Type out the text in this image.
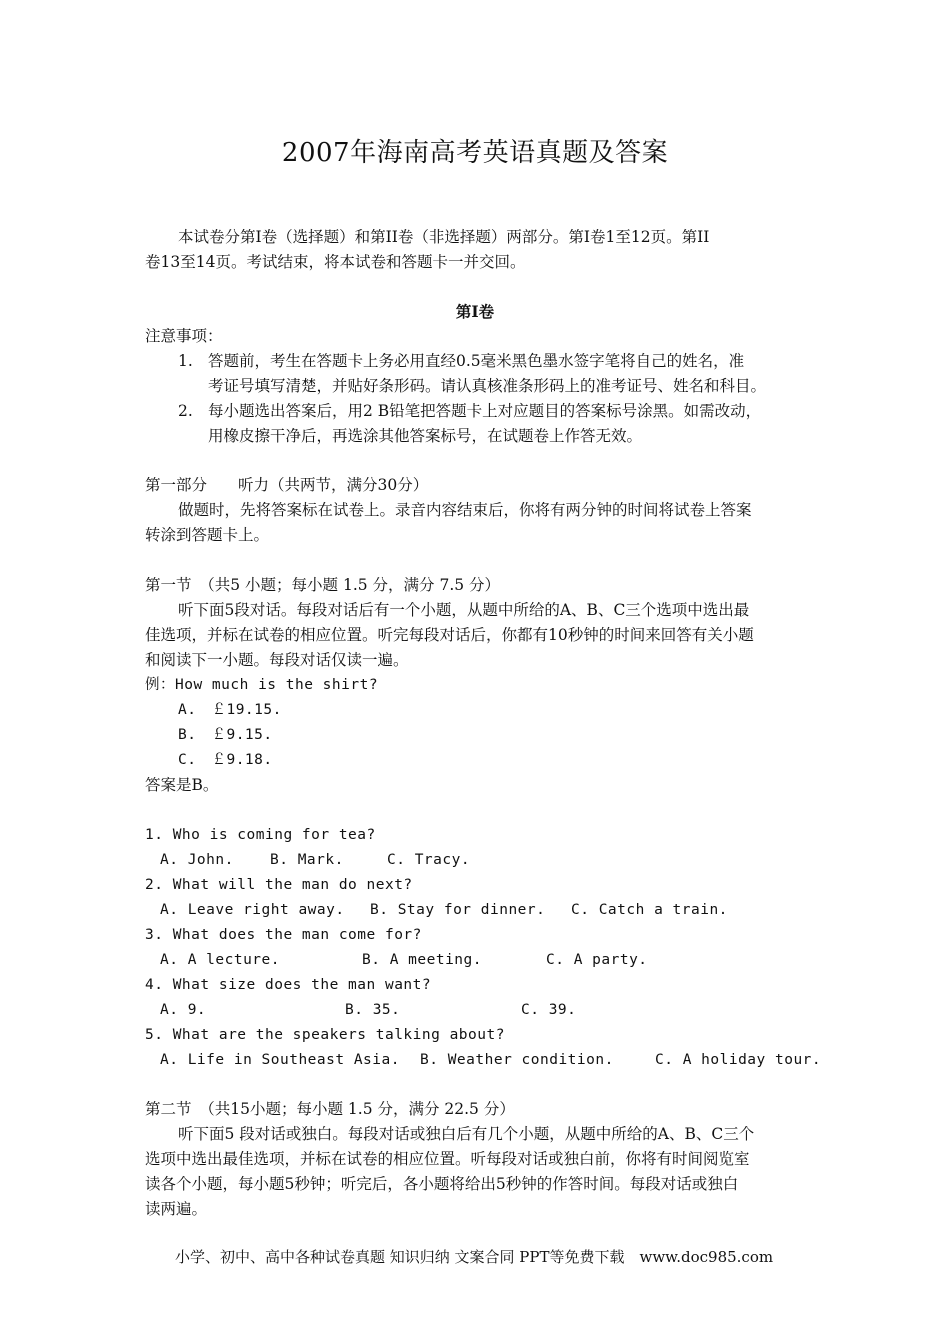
2007年海南高考英语真题及答案
本试卷分第Ⅰ卷（选择题）和第II卷（非选择题）两部分。第Ⅰ卷1至12页。第II
卷13至14页。考试结束，将本试卷和答题卡一并交回。
第Ⅰ卷
注意事项：
1. 答题前，考生在答题卡上务必用直经0.5毫米黑色墨水签字笔将自己的姓名，准
考证号填写清楚，并贴好条形码。请认真核准条形码上的准考证号、姓名和科目。
2. 每小题选出答案后，用2 B铅笔把答题卡上对应题目的答案标号涂黑。如需改动，
用橡皮擦干净后，再选涂其他答案标号，在试题卷上作答无效。
第一部分　　听力（共两节，满分30分）
做题时，先将答案标在试卷上。录音内容结束后，你将有两分钟的时间将试卷上答案
转涂到答题卡上。
第一节　（共5 小题；每小题 1.5 分，满分 7.5 分）
听下面5段对话。每段对话后有一个小题，从题中所给的A、B、C三个选项中选出最
佳选项，并标在试卷的相应位置。听完每段对话后，你都有10秒钟的时间来回答有关小题
和阅读下一小题。每段对话仅读一遍。
例：How much is the shirt?
A.　￡19.15.
B.　￡9.15.
C.　￡9.18.
答案是B。
1. Who is coming for tea?
A. John. B. Mark.	C. Tracy.
2. What will the man do next?
A. Leave right away. B. Stay for dinner. C. Catch a train.
3. What does the man come for?
A. A lecture.	B. A meeting.	C. A party.
4. What size does the man want?
A. 9.	B. 35.	C. 39.
5. What are the speakers talking about?
A. Life in Southeast Asia. B. Weather condition.	C. A holiday tour.
第二节　（共15小题；每小题 1.5 分，满分 22.5 分）
听下面5 段对话或独白。每段对话或独白后有几个小题，从题中所给的A、B、C三个
选项中选出最佳选项，并标在试卷的相应位置。听每段对话或独白前，你将有时间阅览室
读各个小题，每小题5秒钟；听完后，各小题将给出5秒钟的作答时间。每段对话或独白
读两遍。
小学、初中、高中各种试卷真题 知识归纳 文案合同 PPT等免费下载　www.doc985.com
